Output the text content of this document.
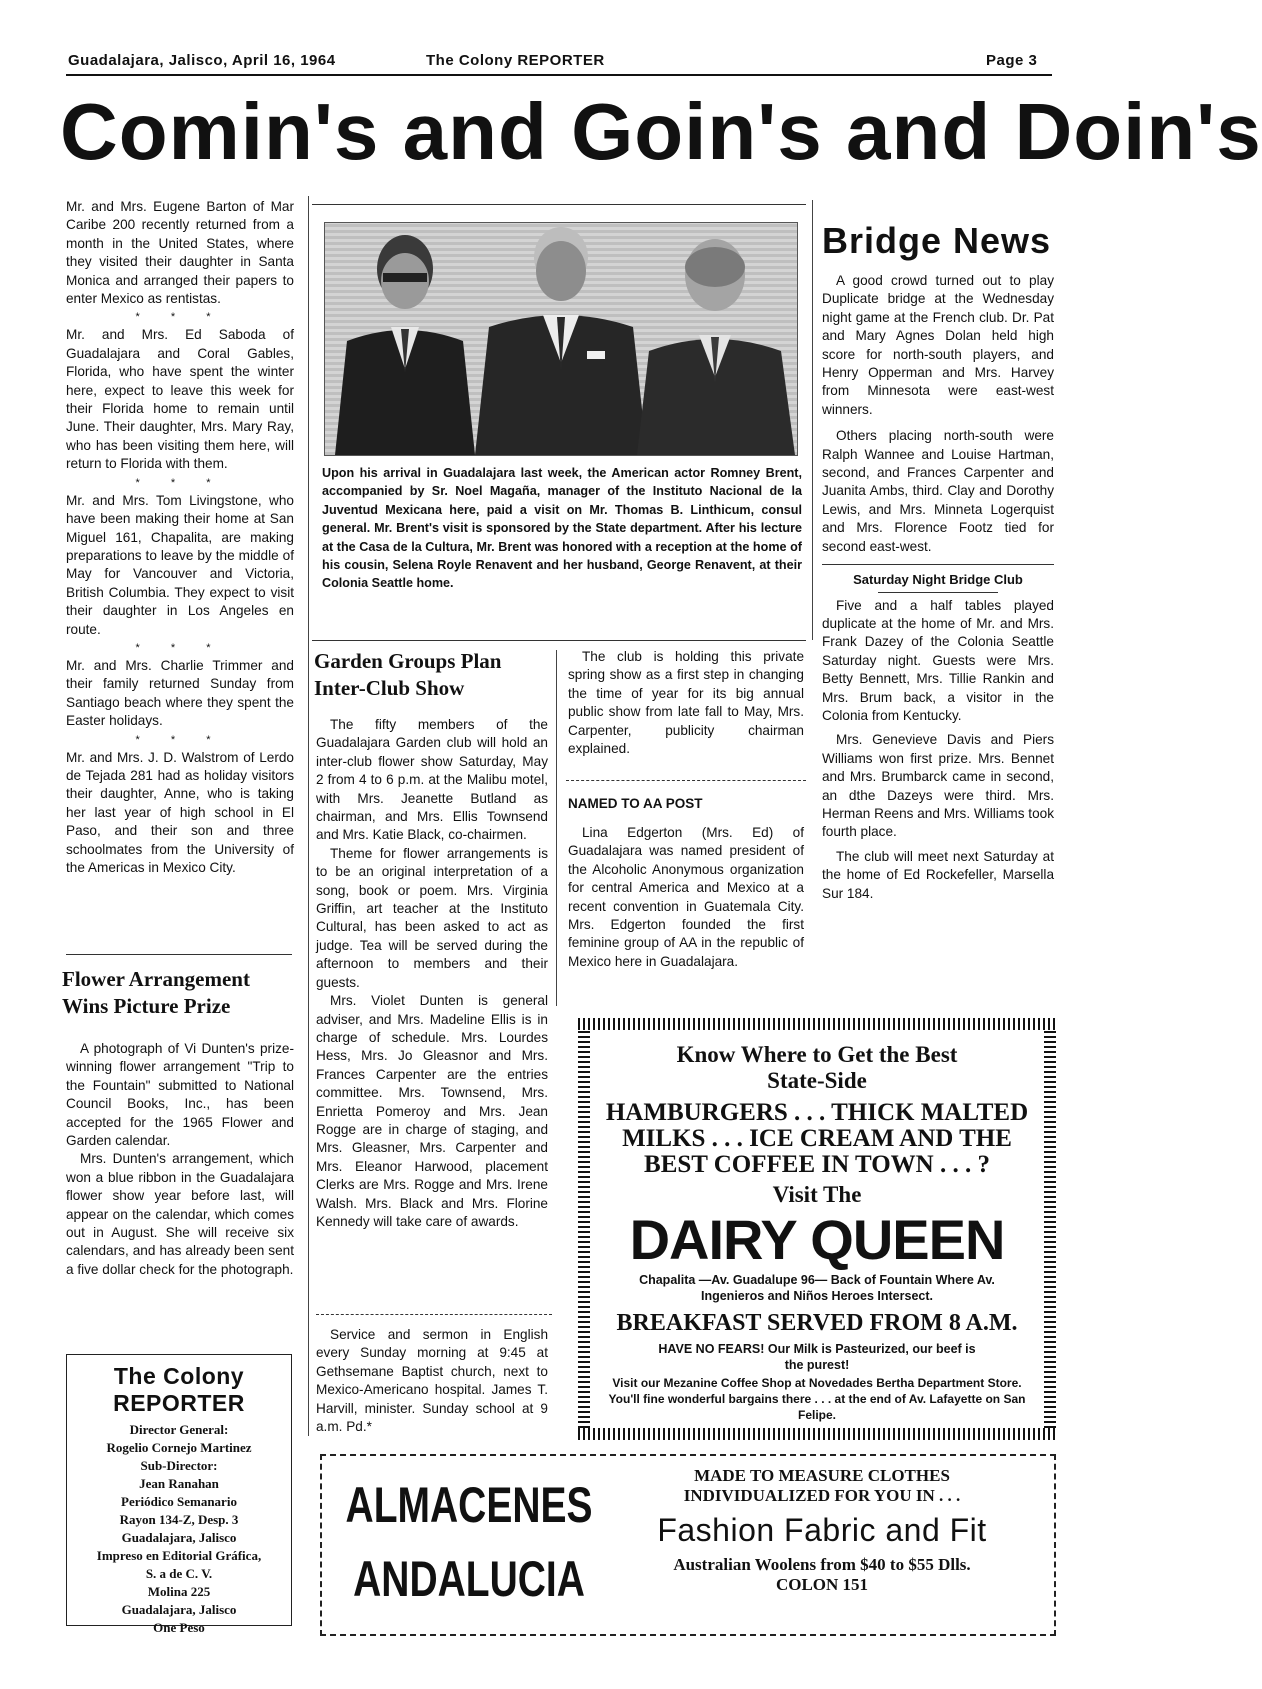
Guadalajara, Jalisco, April 16, 1964	The Colony REPORTER	Page 3
Comin's and Goin's and Doin's

Mr. and Mrs. Eugene Barton of Mar Caribe 200 recently returned from a month in the United States, where they visited their daughter in Santa Monica and arranged their papers to enter Mexico as rentistas.

* * *

Mr. and Mrs. Ed Saboda of Guadalajara and Coral Gables, Florida, who have spent the winter here, expect to leave this week for their Florida home to remain until June. Their daughter, Mrs. Mary Ray, who has been visiting them here, will return to Florida with them.

* * *

Mr. and Mrs. Tom Livingstone, who have been making their home at San Miguel 161, Chapalita, are making preparations to leave by the middle of May for Vancouver and Victoria, British Columbia. They expect to visit their daughter in Los Angeles en route.

* * *

Mr. and Mrs. Charlie Trimmer and their family returned Sunday from Santiago beach where they spent the Easter holidays.

* * *

Mr. and Mrs. J. D. Walstrom of Lerdo de Tejada 281 had as holiday visitors their daughter, Anne, who is taking her last year of high school in El Paso, and their son and three schoolmates from the University of the Americas in Mexico City.

Flower Arrangement Wins Picture Prize

A photograph of Vi Dunten's prize-winning flower arrangement "Trip to the Fountain" submitted to National Council Books, Inc., has been accepted for the 1965 Flower and Garden calendar.

Mrs. Dunten's arrangement, which won a blue ribbon in the Guadalajara flower show year before last, will appear on the calendar, which comes out in August. She will receive six calendars, and has already been sent a five dollar check for the photograph.

The Colony REPORTER
Director General:
Rogelio Cornejo Martinez
Sub-Director:
Jean Ranahan
Periódico Semanario
Rayon 134-Z, Desp. 3
Guadalajara, Jalisco
Impreso en Editorial Gráfica,
S. a de C. V.
Molina 225
Guadalajara, Jalisco
One Peso
Upon his arrival in Guadalajara last week, the American actor Romney Brent, accompanied by Sr. Noel Magaña, manager of the Instituto Nacional de la Juventud Mexicana here, paid a visit on Mr. Thomas B. Linthicum, consul general. Mr. Brent's visit is sponsored by the State department. After his lecture at the Casa de la Cultura, Mr. Brent was honored with a reception at the home of his cousin, Selena Royle Renavent and her husband, George Renavent, at their Colonia Seattle home.
Garden Groups Plan Inter-Club Show

The fifty members of the Guadalajara Garden club will hold an inter-club flower show Saturday, May 2 from 4 to 6 p.m. at the Malibu motel, with Mrs. Jeanette Butland as chairman, and Mrs. Ellis Townsend and Mrs. Katie Black, co-chairmen.

Theme for flower arrangements is to be an original interpretation of a song, book or poem. Mrs. Virginia Griffin, art teacher at the Instituto Cultural, has been asked to act as judge. Tea will be served during the afternoon to members and their guests.

Mrs. Violet Dunten is general adviser, and Mrs. Madeline Ellis is in charge of schedule. Mrs. Lourdes Hess, Mrs. Jo Gleasnor and Mrs. Frances Carpenter are the entries committee. Mrs. Townsend, Mrs. Enrietta Pomeroy and Mrs. Jean Rogge are in charge of staging, and Mrs. Gleasner, Mrs. Carpenter and Mrs. Eleanor Harwood, placement Clerks are Mrs. Rogge and Mrs. Irene Walsh. Mrs. Black and Mrs. Florine Kennedy will take care of awards.

Service and sermon in English every Sunday morning at 9:45 at Gethsemane Baptist church, next to Mexico-Americano hospital. James T. Harvill, minister. Sunday school at 9 a.m. Pd.*
The club is holding this private spring show as a first step in changing the time of year for its big annual public show from late fall to May, Mrs. Carpenter, publicity chairman explained.
NAMED TO AA POST
Lina Edgerton (Mrs. Ed) of Guadalajara was named president of the Alcoholic Anonymous organization for central America and Mexico at a recent convention in Guatemala City. Mrs. Edgerton founded the first feminine group of AA in the republic of Mexico here in Guadalajara.
Bridge News

A good crowd turned out to play Duplicate bridge at the Wednesday night game at the French club. Dr. Pat and Mary Agnes Dolan held high score for north-south players, and Henry Opperman and Mrs. Harvey from Minnesota were east-west winners.

Others placing north-south were Ralph Wannee and Louise Hartman, second, and Frances Carpenter and Juanita Ambs, third. Clay and Dorothy Lewis, and Mrs. Minneta Logerquist and Mrs. Florence Footz tied for second east-west.

Saturday Night Bridge Club

Five and a half tables played duplicate at the home of Mr. and Mrs. Frank Dazey of the Colonia Seattle Saturday night. Guests were Mrs. Betty Bennett, Mrs. Tillie Rankin and Mrs. Brum back, a visitor in the Colonia from Kentucky.

Mrs. Genevieve Davis and Piers Williams won first prize. Mrs. Bennet and Mrs. Brumbarck came in second, an dthe Dazeys were third. Mrs. Herman Reens and Mrs. Williams took fourth place.

The club will meet next Saturday at the home of Ed Rockefeller, Marsella Sur 184.

Know Where to Get the Best
State-Side
HAMBURGERS . . . THICK MALTED MILKS . . . ICE CREAM AND THE BEST COFFEE IN TOWN . . . ?
Visit The
DAIRY QUEEN
Chapalita —Av. Guadalupe 96— Back of Fountain Where Av. Ingenieros and Niños Heroes Intersect.
BREAKFAST SERVED FROM 8 A.M.
HAVE NO FEARS! Our Milk is Pasteurized, our beef is the purest!
Visit our Mezanine Coffee Shop at Novedades Bertha Department Store. You'll fine wonderful bargains there . . . at the end of Av. Lafayette on San Felipe.
ALMACENES
ANDALUCIA
MADE TO MEASURE CLOTHES
INDIVIDUALIZED FOR YOU IN . . .
Fashion Fabric and Fit
Australian Woolens from $40 to $55 Dlls.
COLON 151
